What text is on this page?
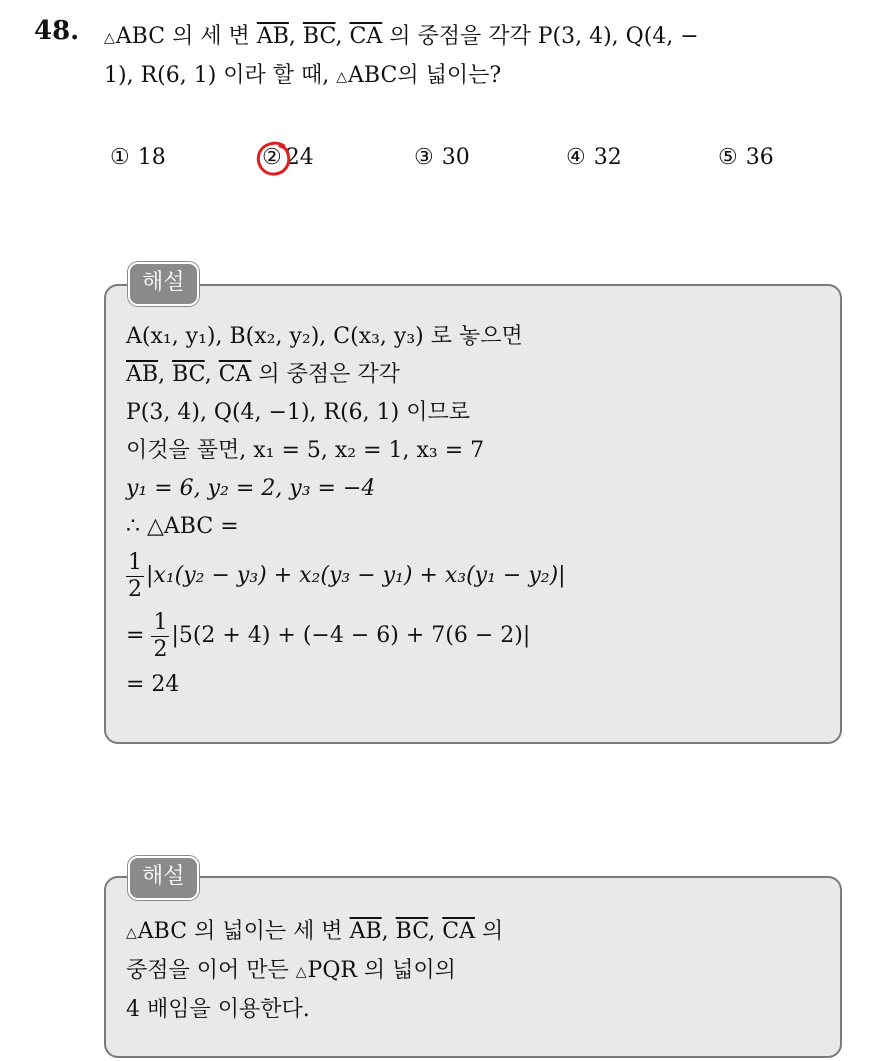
48. △ABC 의 세 변 $\overline{AB}$, $\overline{BC}$, $\overline{CA}$ 의 중점을 각각 P(3, 4), Q(4, −
1), R(6, 1) 이라 할 때, △ABC의 넓이는?
① 18	② 24	③ 30	④ 32	⑤ 36
해설
A(x₁, y₁), B(x₂, y₂), C(x₃, y₃) 로 놓으면
$\overline{AB}$, $\overline{BC}$, $\overline{CA}$ 의 중점은 각각
P(3, 4), Q(4, −1), R(6, 1) 이므로
이것을 풀면, x₁ = 5, x₂ = 1, x₃ = 7
y₁ = 6, y₂ = 2, y₃ = −4
∴ △ABC =
$\frac{1}{2} |x_1(y_2 - y_3) + x_2(y_3 - y_1) + x_3(y_1 - y_2)|$
= $\frac{1}{2} |5(2 + 4) + (-4 - 6) + 7(6 - 2)|$
= 24
해설
△ABC 의 넓이는 세 변 $\overline{AB}$, $\overline{BC}$, $\overline{CA}$ 의
중점을 이어 만든 △PQR 의 넓이의
4 배임을 이용한다.
